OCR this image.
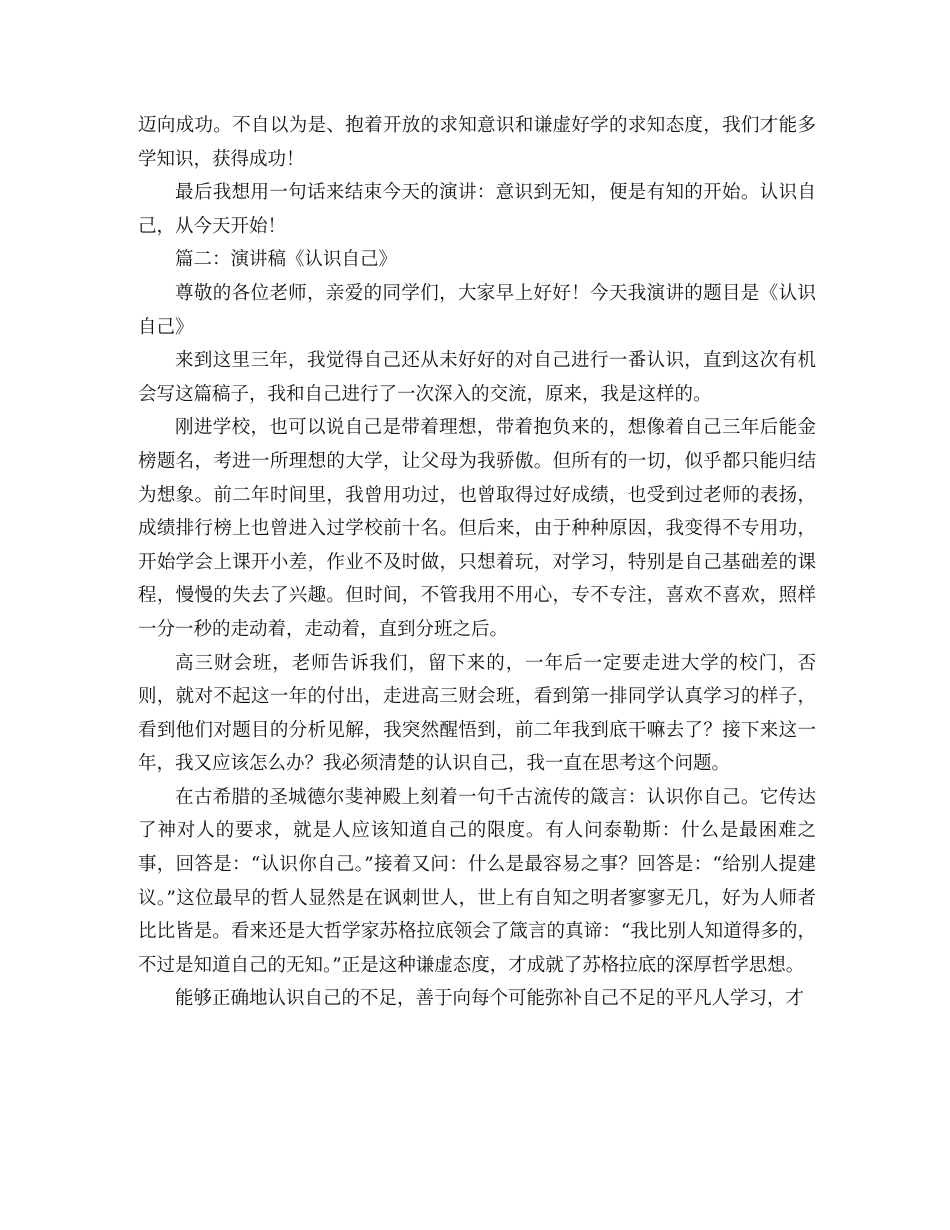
迈向成功。不自以为是、抱着开放的求知意识和谦虚好学的求知态度，我们才能多学知识，获得成功！

最后我想用一句话来结束今天的演讲：意识到无知，便是有知的开始。认识自己，从今天开始！

篇二：演讲稿《认识自己》

尊敬的各位老师，亲爱的同学们，大家早上好好！今天我演讲的题目是《认识自己》

来到这里三年，我觉得自己还从未好好的对自己进行一番认识，直到这次有机会写这篇稿子，我和自己进行了一次深入的交流，原来，我是这样的。

刚进学校，也可以说自己是带着理想，带着抱负来的，想像着自己三年后能金榜题名，考进一所理想的大学，让父母为我骄傲。但所有的一切，似乎都只能归结为想象。前二年时间里，我曾用功过，也曾取得过好成绩，也受到过老师的表扬，成绩排行榜上也曾进入过学校前十名。但后来，由于种种原因，我变得不专用功，开始学会上课开小差，作业不及时做，只想着玩，对学习，特别是自己基础差的课程，慢慢的失去了兴趣。但时间，不管我用不用心，专不专注，喜欢不喜欢，照样一分一秒的走动着，走动着，直到分班之后。

高三财会班，老师告诉我们，留下来的，一年后一定要走进大学的校门，否则，就对不起这一年的付出，走进高三财会班，看到第一排同学认真学习的样子，看到他们对题目的分析见解，我突然醒悟到，前二年我到底干嘛去了？接下来这一年，我又应该怎么办？我必须清楚的认识自己，我一直在思考这个问题。

在古希腊的圣城德尔斐神殿上刻着一句千古流传的箴言：认识你自己。它传达了神对人的要求，就是人应该知道自己的限度。有人问泰勒斯：什么是最困难之事，回答是：“认识你自己。”接着又问：什么是最容易之事？回答是：“给别人提建议。”这位最早的哲人显然是在讽刺世人，世上有自知之明者寥寥无几，好为人师者比比皆是。看来还是大哲学家苏格拉底领会了箴言的真谛：“我比别人知道得多的，不过是知道自己的无知。”正是这种谦虚态度，才成就了苏格拉底的深厚哲学思想。

能够正确地认识自己的不足，善于向每个可能弥补自己不足的平凡人学习，才
